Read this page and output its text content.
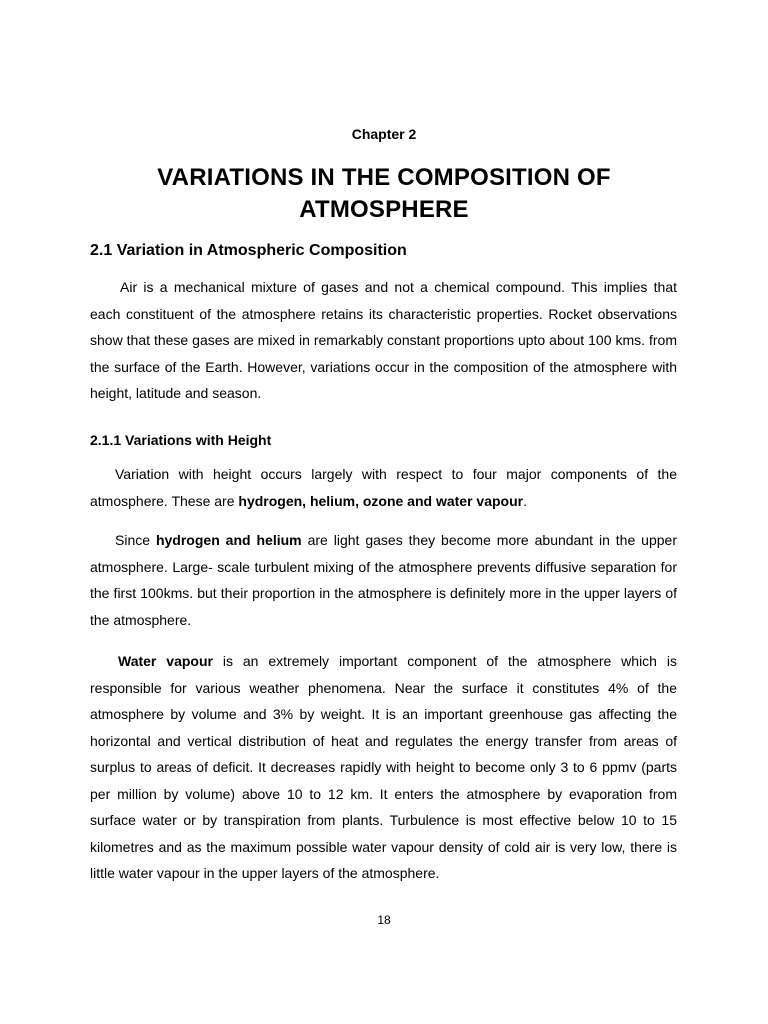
Chapter 2

VARIATIONS IN THE COMPOSITION OF ATMOSPHERE
2.1 Variation in Atmospheric Composition

Air is a mechanical mixture of gases and not a chemical compound. This implies that each constituent of the atmosphere retains its characteristic properties. Rocket observations show that these gases are mixed in remarkably constant proportions upto about 100 kms. from the surface of the Earth. However, variations occur in the composition of the atmosphere with height, latitude and season.

2.1.1 Variations with Height

Variation with height occurs largely with respect to four major components of the atmosphere. These are hydrogen, helium, ozone and water vapour.

Since hydrogen and helium are light gases they become more abundant in the upper atmosphere. Large- scale turbulent mixing of the atmosphere prevents diffusive separation for the first 100kms. but their proportion in the atmosphere is definitely more in the upper layers of the atmosphere.

Water vapour is an extremely important component of the atmosphere which is responsible for various weather phenomena. Near the surface it constitutes 4% of the atmosphere by volume and 3% by weight. It is an important greenhouse gas affecting the horizontal and vertical distribution of heat and regulates the energy transfer from areas of surplus to areas of deficit. It decreases rapidly with height to become only 3 to 6 ppmv (parts per million by volume) above 10 to 12 km. It enters the atmosphere by evaporation from surface water or by transpiration from plants. Turbulence is most effective below 10 to 15 kilometres and as the maximum possible water vapour density of cold air is very low, there is little water vapour in the upper layers of the atmosphere.

18
